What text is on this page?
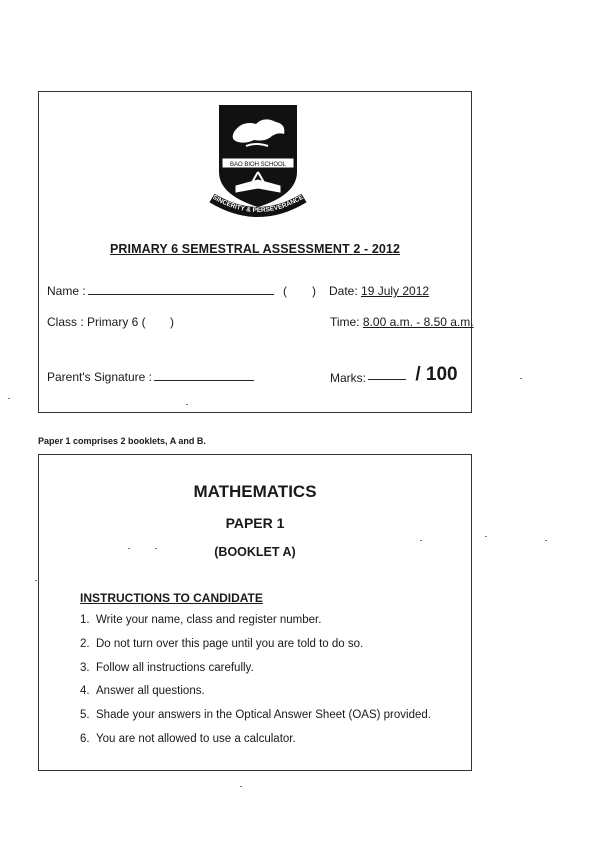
BAO BIOH SCHOOL
SINCERITY & PERSEVERANCE
PRIMARY 6 SEMESTRAL ASSESSMENT 2 - 2012
Name :	( ) Date: 19 July 2012
Class : Primary 6 ( )	Time: 8.00 a.m. - 8.50 a.m.
Parent's Signature :	Marks:	/ 100
Paper 1 comprises 2 booklets, A and B.
MATHEMATICS
PAPER 1
(BOOKLET A)
INSTRUCTIONS TO CANDIDATE
1. Write your name, class and register number.
2. Do not turn over this page until you are told to do so.
3. Follow all instructions carefully.
4. Answer all questions.
5. Shade your answers in the Optical Answer Sheet (OAS) provided.
6. You are not allowed to use a calculator.
